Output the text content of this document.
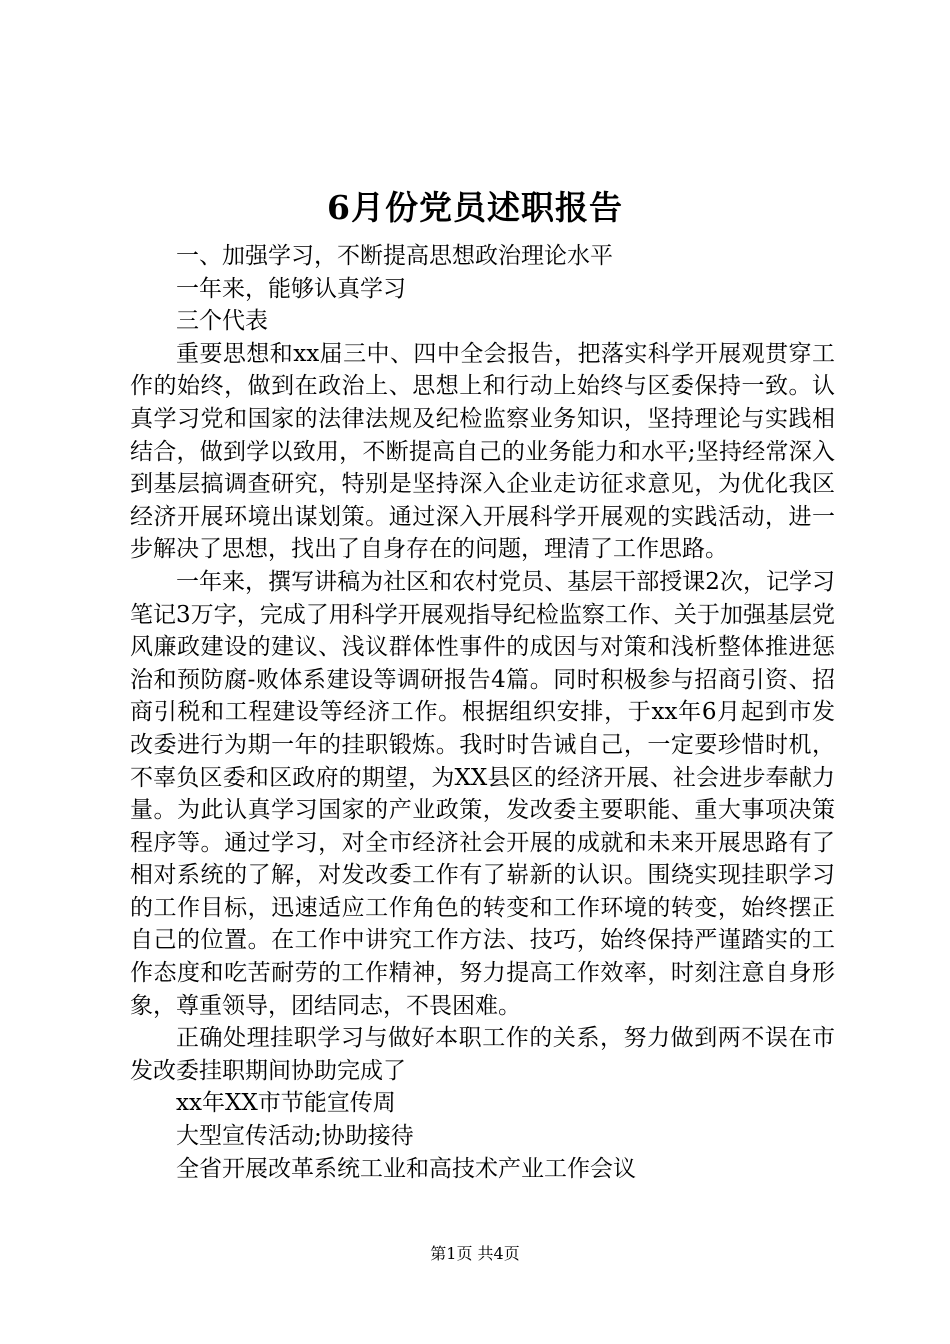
6月份党员述职报告

一、加强学习，不断提高思想政治理论水平

一年来，能够认真学习

三个代表

重要思想和xx届三中、四中全会报告，把落实科学开展观贯穿工作的始终，做到在政治上、思想上和行动上始终与区委保持一致。认真学习党和国家的法律法规及纪检监察业务知识，坚持理论与实践相结合，做到学以致用，不断提高自己的业务能力和水平;坚持经常深入到基层搞调查研究，特别是坚持深入企业走访征求意见，为优化我区经济开展环境出谋划策。通过深入开展科学开展观的实践活动，进一步解决了思想，找出了自身存在的问题，理清了工作思路。

一年来，撰写讲稿为社区和农村党员、基层干部授课2次，记学习笔记3万字，完成了用科学开展观指导纪检监察工作、关于加强基层党风廉政建设的建议、浅议群体性事件的成因与对策和浅析整体推进惩治和预防腐-败体系建设等调研报告4篇。同时积极参与招商引资、招商引税和工程建设等经济工作。根据组织安排，于xx年6月起到市发改委进行为期一年的挂职锻炼。我时时告诫自己，一定要珍惜时机，不辜负区委和区政府的期望，为XX县区的经济开展、社会进步奉献力量。为此认真学习国家的产业政策，发改委主要职能、重大事项决策程序等。通过学习，对全市经济社会开展的成就和未来开展思路有了相对系统的了解，对发改委工作有了崭新的认识。围绕实现挂职学习的工作目标，迅速适应工作角色的转变和工作环境的转变，始终摆正自己的位置。在工作中讲究工作方法、技巧，始终保持严谨踏实的工作态度和吃苦耐劳的工作精神，努力提高工作效率，时刻注意自身形象，尊重领导，团结同志，不畏困难。

正确处理挂职学习与做好本职工作的关系，努力做到两不误在市发改委挂职期间协助完成了

xx年XX市节能宣传周

大型宣传活动;协助接待

全省开展改革系统工业和高技术产业工作会议

第1页 共4页
